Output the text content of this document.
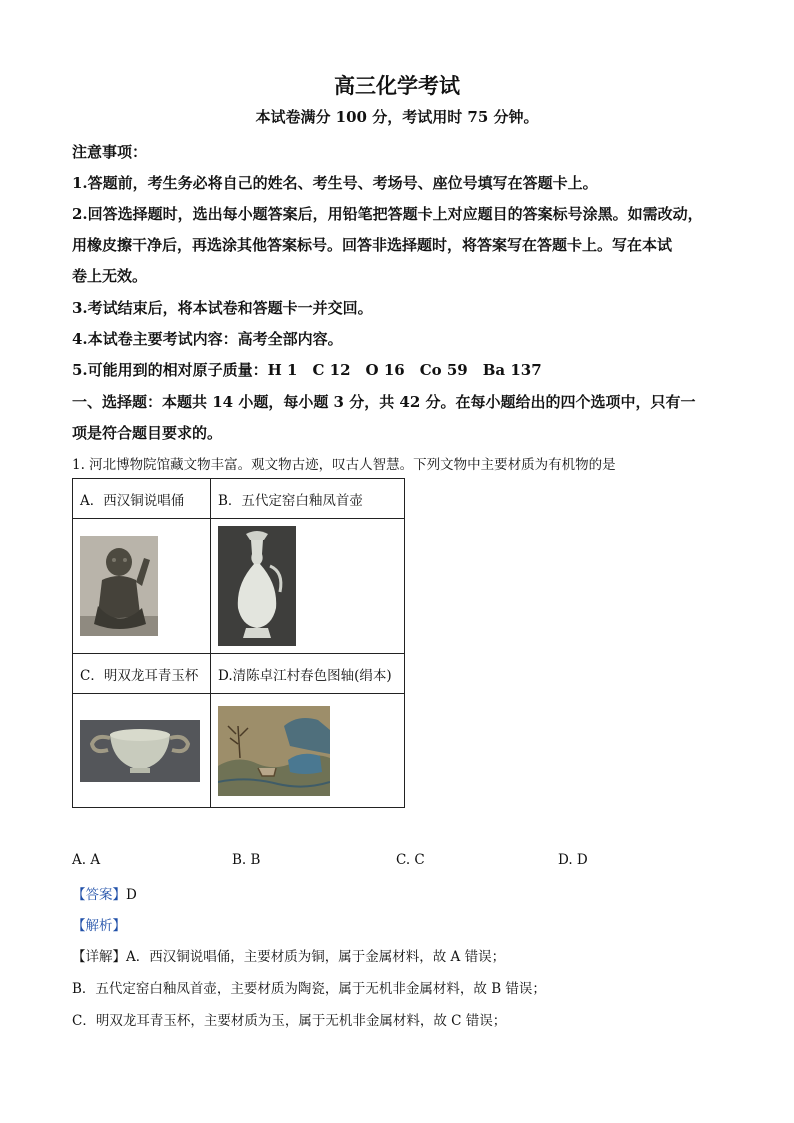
高三化学考试
本试卷满分 100 分，考试用时 75 分钟。
注意事项：
1.答题前，考生务必将自己的姓名、考生号、考场号、座位号填写在答题卡上。
2.回答选择题时，选出每小题答案后，用铅笔把答题卡上对应题目的答案标号涂黑。如需改动，
用橡皮擦干净后，再选涂其他答案标号。回答非选择题时，将答案写在答题卡上。写在本试
卷上无效。
3.考试结束后，将本试卷和答题卡一并交回。
4.本试卷主要考试内容：高考全部内容。
5.可能用到的相对原子质量：H 1　C 12　O 16　Co 59　Ba 137
一、选择题：本题共 14 小题，每小题 3 分，共 42 分。在每小题给出的四个选项中，只有一
项是符合题目要求的。
1. 河北博物院馆藏文物丰富。观文物古迹，叹古人智慧。下列文物中主要材质为有机物的是
A．西汉铜说唱俑	B．五代定窑白釉凤首壶

C．明双龙耳青玉杯	D.清陈卓江村春色图轴(绢本)

A. A	B. B	C. C	D. D
【答案】D
【解析】
【详解】A．西汉铜说唱俑，主要材质为铜，属于金属材料，故 A 错误；
B．五代定窑白釉凤首壶，主要材质为陶瓷，属于无机非金属材料，故 B 错误；
C．明双龙耳青玉杯，主要材质为玉，属于无机非金属材料，故 C 错误；
